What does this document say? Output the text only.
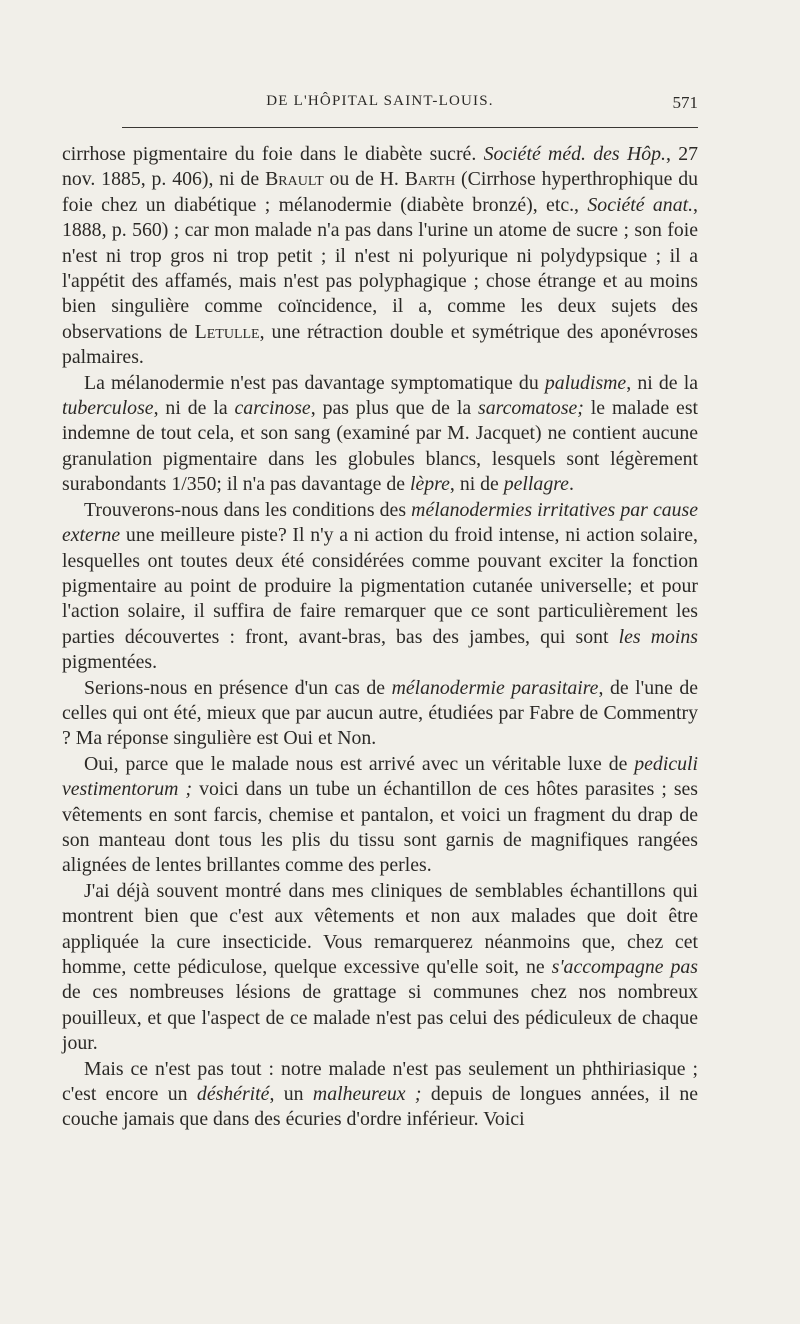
DE L'HÔPITAL SAINT-LOUIS.	571

cirrhose pigmentaire du foie dans le diabète sucré. Société méd. des Hôp., 27 nov. 1885, p. 406), ni de Brault ou de H. Barth (Cirrhose hyperthrophique du foie chez un diabétique ; mélanodermie (diabète bronzé), etc., Société anat., 1888, p. 560) ; car mon malade n'a pas dans l'urine un atome de sucre ; son foie n'est ni trop gros ni trop petit ; il n'est ni polyurique ni polydypsique ; il a l'appétit des affamés, mais n'est pas polyphagique ; chose étrange et au moins bien singulière comme coïncidence, il a, comme les deux sujets des observations de Letulle, une rétraction double et symétrique des aponévroses palmaires.

La mélanodermie n'est pas davantage symptomatique du paludisme, ni de la tuberculose, ni de la carcinose, pas plus que de la sarcomatose; le malade est indemne de tout cela, et son sang (examiné par M. Jacquet) ne contient aucune granulation pigmentaire dans les globules blancs, lesquels sont légèrement surabondants 1/350; il n'a pas davantage de lèpre, ni de pellagre.

Trouverons-nous dans les conditions des mélanodermies irritatives par cause externe une meilleure piste? Il n'y a ni action du froid intense, ni action solaire, lesquelles ont toutes deux été considérées comme pouvant exciter la fonction pigmentaire au point de produire la pigmentation cutanée universelle; et pour l'action solaire, il suffira de faire remarquer que ce sont particulièrement les parties découvertes : front, avant-bras, bas des jambes, qui sont les moins pigmentées.

Serions-nous en présence d'un cas de mélanodermie parasitaire, de l'une de celles qui ont été, mieux que par aucun autre, étudiées par Fabre de Commentry ? Ma réponse singulière est Oui et Non.

Oui, parce que le malade nous est arrivé avec un véritable luxe de pediculi vestimentorum ; voici dans un tube un échantillon de ces hôtes parasites ; ses vêtements en sont farcis, chemise et pantalon, et voici un fragment du drap de son manteau dont tous les plis du tissu sont garnis de magnifiques rangées alignées de lentes brillantes comme des perles.

J'ai déjà souvent montré dans mes cliniques de semblables échantillons qui montrent bien que c'est aux vêtements et non aux malades que doit être appliquée la cure insecticide. Vous remarquerez néanmoins que, chez cet homme, cette pédiculose, quelque excessive qu'elle soit, ne s'accompagne pas de ces nombreuses lésions de grattage si communes chez nos nombreux pouilleux, et que l'aspect de ce malade n'est pas celui des pédiculeux de chaque jour.

Mais ce n'est pas tout : notre malade n'est pas seulement un phthiriasique ; c'est encore un déshérité, un malheureux ; depuis de longues années, il ne couche jamais que dans des écuries d'ordre inférieur. Voici
